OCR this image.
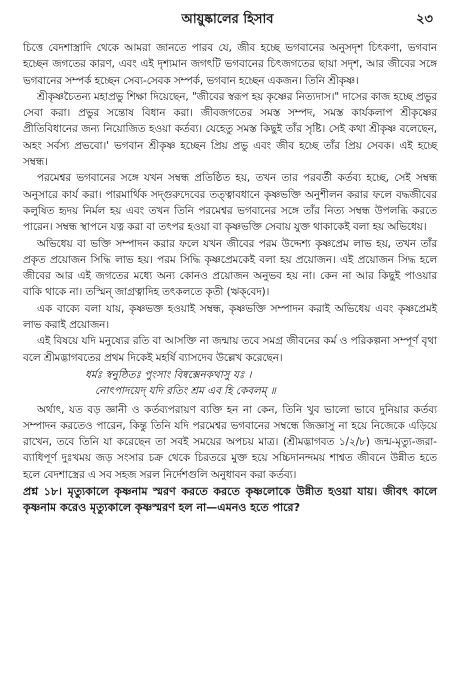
আয়ুষ্কালের হিসাব	২৩

চিত্তে বেদশাস্ত্রাদি থেকে আমরা জানতে পারব যে, জীব হচ্ছে ভগবানের অনুসদৃশ চিৎকণা, ভগবান হচ্ছেন জগতের কারণ, এবং এই দৃশ্যমান জগৎটি ভগবানের চিৎজগতের ছায়া সদৃশ, আর জীবের সঙ্গে ভগবানের সম্পর্ক হচ্ছেন সেব্য-সেবক সম্পর্ক, ভগবান হচ্ছেন একজন। তিনি শ্রীকৃষ্ণ।

শ্রীকৃষ্ণচৈতন্য মহাপ্রভু শিক্ষা দিয়েছেন, "জীবের স্বরূপ হয় কৃষ্ণের নিত্যদাস।" দাসের কাজ হচ্ছে প্রভুর সেবা করা। প্রভুর সন্তোষ বিধান করা। জীবজগতের সমস্ত সম্পদ, সমস্ত কার্যকলাপ শ্রীকৃষ্ণের প্রীতিবিধানের জন্য নিয়োজিত হওয়া কর্তব্য। যেহেতু সমস্ত কিছুই তাঁর সৃষ্টি। সেই কথা শ্রীকৃষ্ণ বলেছেন, অহং সর্বস্য প্রভবো।' ভগবান শ্রীকৃষ্ণ হচ্ছেন প্রিয় প্রভু এবং জীব হচ্ছে তাঁর প্রিয় সেবক। এই হচ্ছে সম্বন্ধ।

পরমেশ্বর ভগবানের সঙ্গে যখন সম্বন্ধ প্রতিষ্ঠিত হয়, তখন তার পরবর্তী কর্তব্য হচ্ছে, সেই সম্বন্ধ অনুসারে কার্য করা। পারমার্থিক সদ্গুরুদেবের তত্ত্বাবধানে কৃষ্ণভক্তি অনুশীলন করার ফলে বদ্ধজীবের কলুষিত হৃদয় নির্মল হয় এবং তখন তিনি পরমেশ্বর ভগবানের সঙ্গে তাঁর নিত্য সম্বন্ধ উপলব্ধি করতে পারেন। সম্বন্ধ স্থাপনে যত্ন করা বা তৎপর হওয়া বা কৃষ্ণভক্তি সেবায় যুক্ত থাকাকেই বলা হয় অভিধেয়।

অভিধেয় বা ভক্তি সম্পাদন করার ফলে যখন জীবের পরম উদ্দেশ্য কৃষ্ণপ্রেম লাভ হয়, তখন তাঁর প্রকৃত প্রয়োজন সিদ্ধি লাভ হয়। পরম সিদ্ধি কৃষ্ণপ্রেমকেই বলা হয় প্রয়োজন। এই প্রয়োজন সিদ্ধ হলে জীবের আর এই জগতের মধ্যে অন্য কোনও প্রয়োজন অনুভব হয় না। কেন না আর কিছুই পাওয়ার বাকি থাকে না। তস্মিন্ জাগ্রত্বাদিহ তৎকলতে কৃতী (ঋক্‌বেদ)।

এক বাক্যে বলা যায়, কৃষ্ণভক্ত হওয়াই সম্বন্ধ, কৃষ্ণভক্তি সম্পাদন করাই অভিধেয় এবং কৃষ্ণপ্রেমই লাভ করাই প্রয়োজন।

এই বিষয়ে যদি মনুষ্যের রতি বা আসক্তি না জন্মায় তবে সমগ্র জীবনের কর্ম ও পরিকল্পনা সম্পূর্ণ বৃথা বলে শ্রীমদ্ভাগবতের প্রথম দিকেই মহর্ষি ব্যাসদেব উল্লেখ করেছেন।

ধর্মঃ স্বনুষ্ঠিতঃ পুংসাং বিষ্বক্সেনকথাসু যঃ ।
নোৎপাদয়েদ্ যদি রতিং শ্রম এব হি কেবলম্ ॥

অর্থাৎ, যত বড় জ্ঞানী ও কর্তব্যপরায়ণ ব্যক্তি হন না কেন, তিনি খুব ভালো ভাবে দুনিয়ার কর্তব্য সম্পাদন করতেও পারেন, কিন্তু তিনি যদি পরমেশ্বর ভগবানের সম্বন্ধে জিজ্ঞাসু না হয়ে নিজেকে এড়িয়ে রাখেন, তবে তিনি যা করেছেন তা সবই সময়ের অপচয় মাত্র। (শ্রীমদ্ভাগবত ১/২/৮) জন্ম-মৃত্যু-জরা-ব্যাধিপূর্ণ দুঃখময় জড় সংসার চক্র থেকে চিরতরে মুক্ত হয়ে সচ্চিদানন্দময় শাশ্বত জীবনে উন্নীত হতে হলে বেদশাস্ত্রের এ সব সহজ সরল নির্দেশগুলি অনুধাবন করা কর্তব্য।

প্রশ্ন ১৮। মৃত্যুকালে কৃষ্ণনাম স্মরণ করতে করতে কৃষ্ণলোকে উন্নীত হওয়া যায়। জীবৎ কালে কৃষ্ণনাম করেও মৃত্যুকালে কৃষ্ণস্মরণ হল না—এমনও হতে পারে?
